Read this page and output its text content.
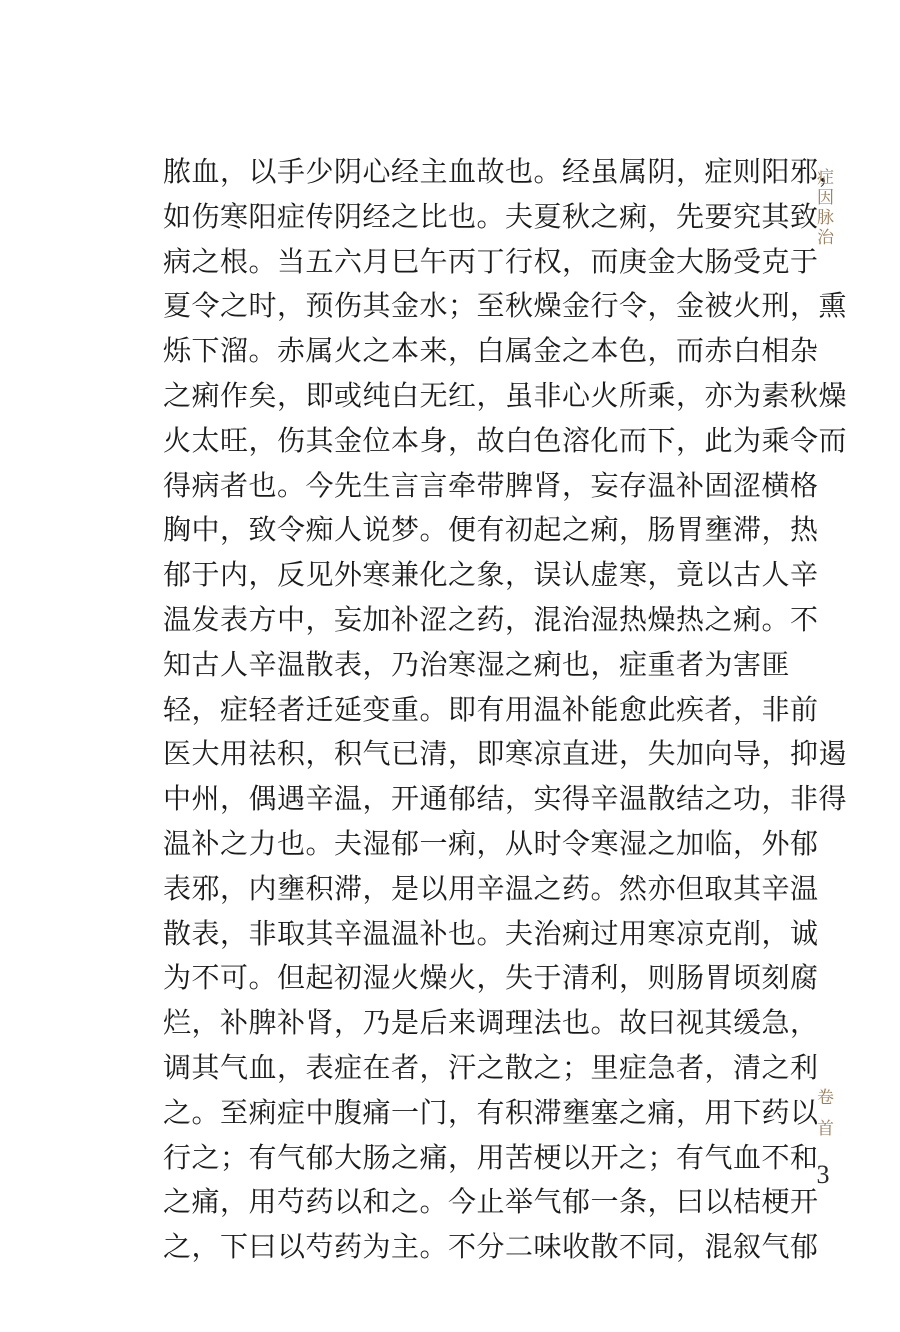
脓血，以手少阴心经主血故也。经虽属阴，症则阳邪，
如伤寒阳症传阴经之比也。夫夏秋之痢，先要究其致
病之根。当五六月巳午丙丁行权，而庚金大肠受克于
夏令之时，预伤其金水；至秋燥金行令，金被火刑，熏
烁下溜。赤属火之本来，白属金之本色，而赤白相杂
之痢作矣，即或纯白无红，虽非心火所乘，亦为素秋燥
火太旺，伤其金位本身，故白色溶化而下，此为乘令而
得病者也。今先生言言牵带脾肾，妄存温补固涩横格
胸中，致令痴人说梦。便有初起之痢，肠胃壅滞，热
郁于内，反见外寒兼化之象，误认虚寒，竟以古人辛
温发表方中，妄加补涩之药，混治湿热燥热之痢。不
知古人辛温散表，乃治寒湿之痢也，症重者为害匪
轻，症轻者迁延变重。即有用温补能愈此疾者，非前
医大用祛积，积气已清，即寒凉直进，失加向导，抑遏
中州，偶遇辛温，开通郁结，实得辛温散结之功，非得
温补之力也。夫湿郁一痢，从时令寒湿之加临，外郁
表邪，内壅积滞，是以用辛温之药。然亦但取其辛温
散表，非取其辛温温补也。夫治痢过用寒凉克削，诚
为不可。但起初湿火燥火，失于清利，则肠胃顷刻腐
烂，补脾补肾，乃是后来调理法也。故曰视其缓急，
调其气血，表症在者，汗之散之；里症急者，清之利
之。至痢症中腹痛一门，有积滞壅塞之痛，用下药以
行之；有气郁大肠之痛，用苦梗以开之；有气血不和
之痛，用芍药以和之。今止举气郁一条，曰以桔梗开
之，下曰以芍药为主。不分二味收散不同，混叙气郁
症因脉治
卷首
3
